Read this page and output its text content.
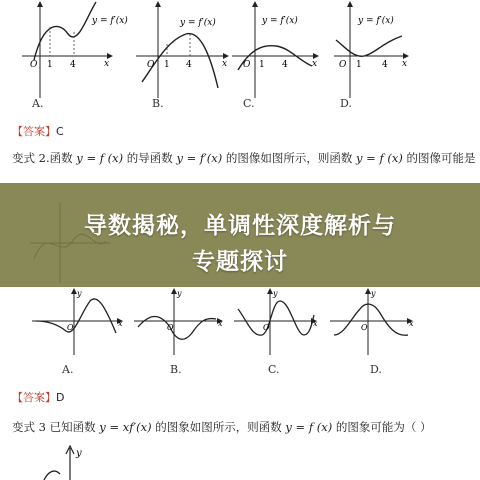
O 1 4	x
y = f′(x)
O 1 4	x
y = f′(x)
O 1 4	x
y = f′(x)
O 1 4 x
y = f′(x)
A.	B.	C.	D.
【答案】C
变式 2.函数 y = f (x) 的导函数 y = f′(x) 的图像如图所示，则函数 y = f (x) 的图像可能是
导数揭秘，单调性深度解析与
专题探讨
x
y
O	x
y
O	x
y
O	x
y
O
A.	B.	C.	D.
【答案】D
变式 3 已知函数 y = xf′(x) 的图象如图所示，则函数 y = f (x) 的图象可能为（ ）
y
